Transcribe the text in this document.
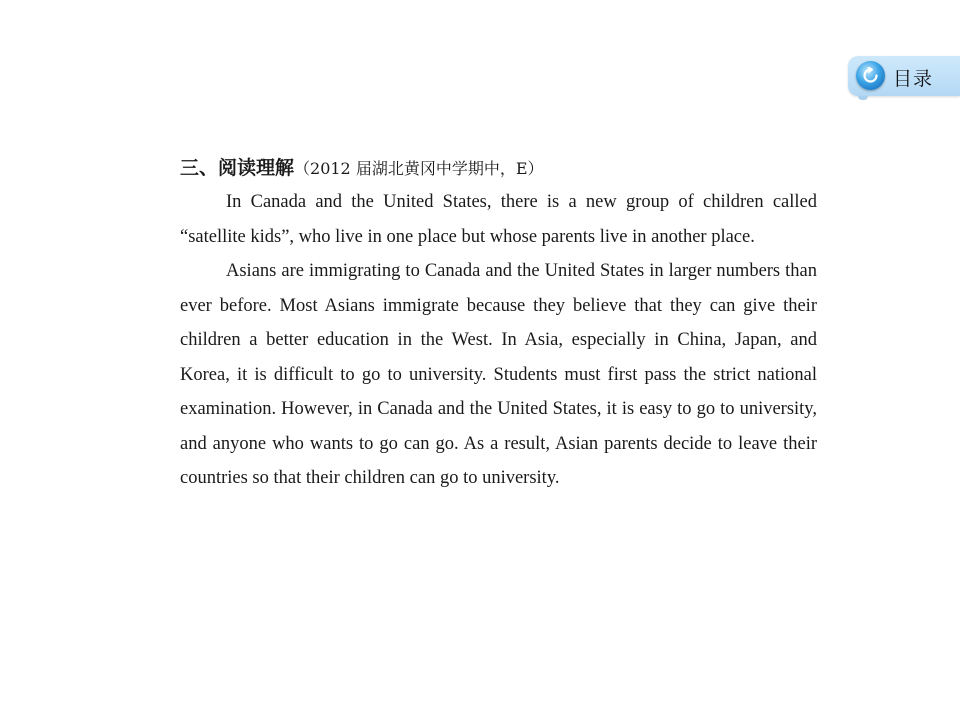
目录

三、阅读理解（2012 届湖北黄冈中学期中，E）

In Canada and the United States, there is a new group of children called “satellite kids”, who live in one place but whose parents live in another place.

Asians are immigrating to Canada and the United States in larger numbers than ever before. Most Asians immigrate because they believe that they can give their children a better education in the West. In Asia, especially in China, Japan, and Korea, it is difficult to go to university. Students must first pass the strict national examination. However, in Canada and the United States, it is easy to go to university, and anyone who wants to go can go. As a result, Asian parents decide to leave their countries so that their children can go to university.
